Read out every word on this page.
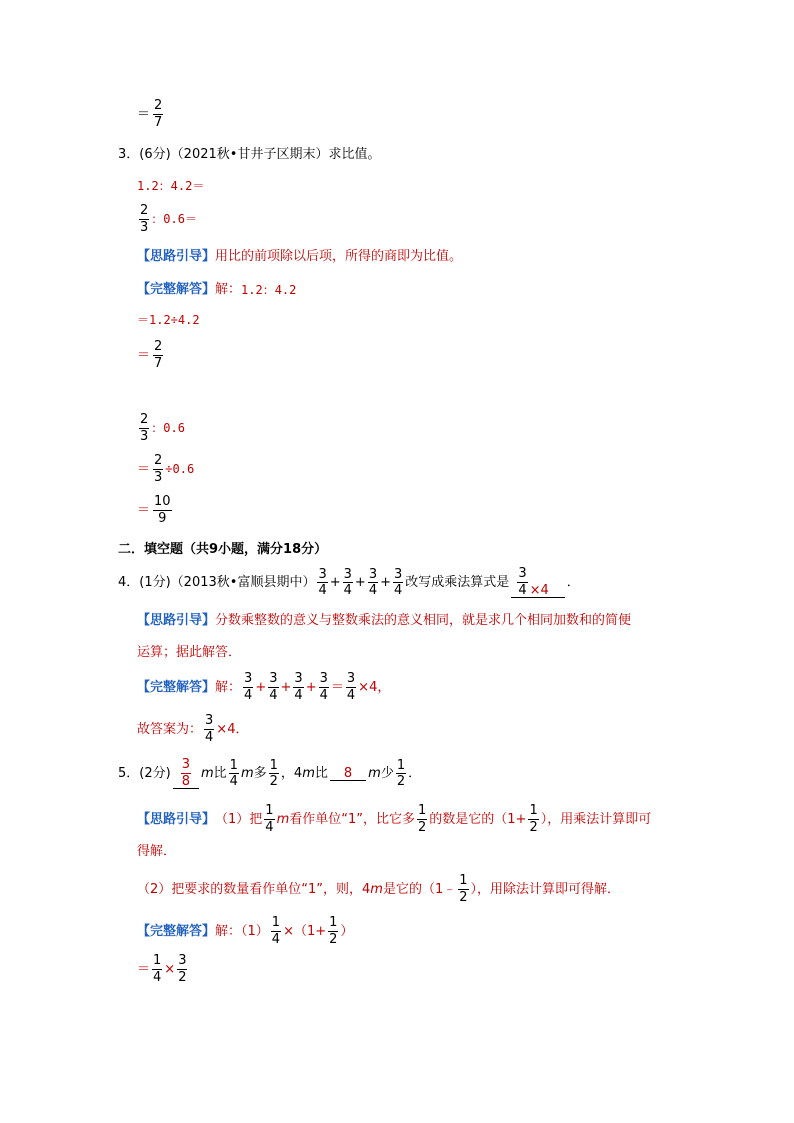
＝ $\frac{2}{7}$
3．(6分)（2021秋•甘井子区期末）求比值。
1.2：4.2＝
$\frac{2}{3}$ ：0.6＝
【思路引导】 用比的前项除以后项，所得的商即为比值。
【完整解答】 解： 1.2：4.2
＝1.2÷4.2
＝ $\frac{2}{7}$
$\frac{2}{3}$ ：0.6
＝ $\frac{2}{3} \div 0.6$
＝ $\frac{10}{9}$
二．填空题（共9小题，满分18分）
4．(1分)（2013秋•富顺县期中） $\frac{3}{4} + \frac{3}{4} + \frac{3}{4} + \frac{3}{4}$ 改写成乘法算式是 $\frac{3}{4} \times 4$
．
【思路引导】 分数乘整数的意义与整数乘法的意义相同，就是求几个相同加数和的简便
运算；据此解答．
【完整解答】 解： $\frac{3}{4} + \frac{3}{4} + \frac{3}{4} + \frac{3}{4} = \frac{3}{4} \times 4$，
故答案为： $\frac{3}{4} \times 4$．
5．(2分) $\frac{3}{8}$ m 比 $\frac{1}{4}$ m 多 $\frac{1}{2}$ ，4 m 比	8	m 少 $\frac{1}{2}$ ．
【思路引导】 （1）把 $\frac{1}{4}$ m 看作单位“1”，比它多 $\frac{1}{2}$ 的数是它的（$1+ \frac{1}{2}$ ），用乘法计算即可
得解．
（2）把要求的数量看作单位“1”，则 ，4 m 是它的（1﹣ $\frac{1}{2}$ ），用除法计算即可得解．
【完整解答】 解：$(1) \frac{1}{4} \times(1+ \frac{1}{2}$ ）
＝ $\frac{1}{4} \times \frac{3}{2}$
